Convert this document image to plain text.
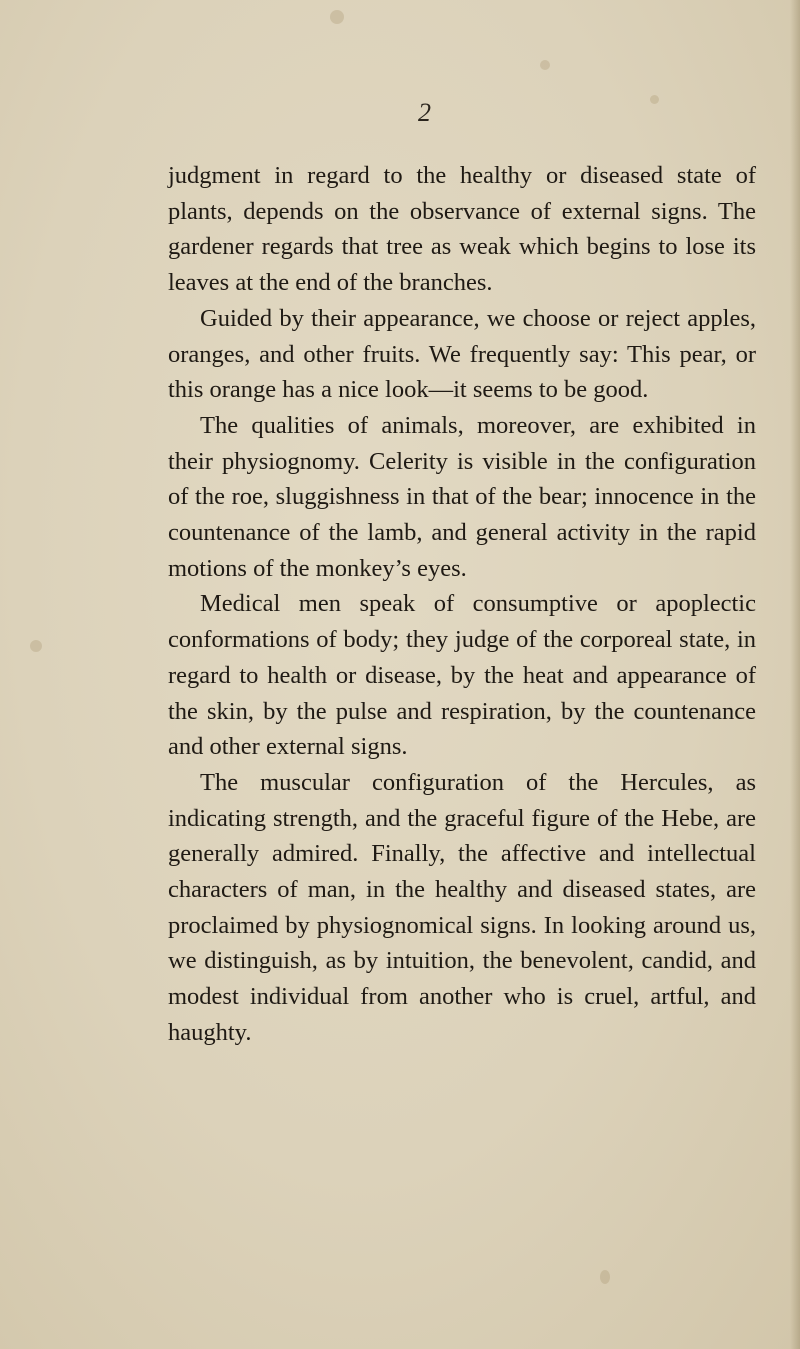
2

judgment in regard to the healthy or diseased state of plants, depends on the observance of external signs. The gardener regards that tree as weak which begins to lose its leaves at the end of the branches.

Guided by their appearance, we choose or reject apples, oranges, and other fruits. We frequently say: This pear, or this orange has a nice look—it seems to be good.

The qualities of animals, moreover, are exhibited in their physiognomy. Celerity is visible in the configuration of the roe, sluggishness in that of the bear; innocence in the countenance of the lamb, and general activity in the rapid motions of the monkey’s eyes.

Medical men speak of consumptive or apoplectic conformations of body; they judge of the corporeal state, in regard to health or disease, by the heat and appearance of the skin, by the pulse and respiration, by the countenance and other external signs.

The muscular configuration of the Hercules, as indicating strength, and the graceful figure of the Hebe, are generally admired. Finally, the affective and intellectual characters of man, in the healthy and diseased states, are proclaimed by physiognomical signs. In looking around us, we distinguish, as by intuition, the benevolent, candid, and modest individual from another who is cruel, artful, and haughty.
